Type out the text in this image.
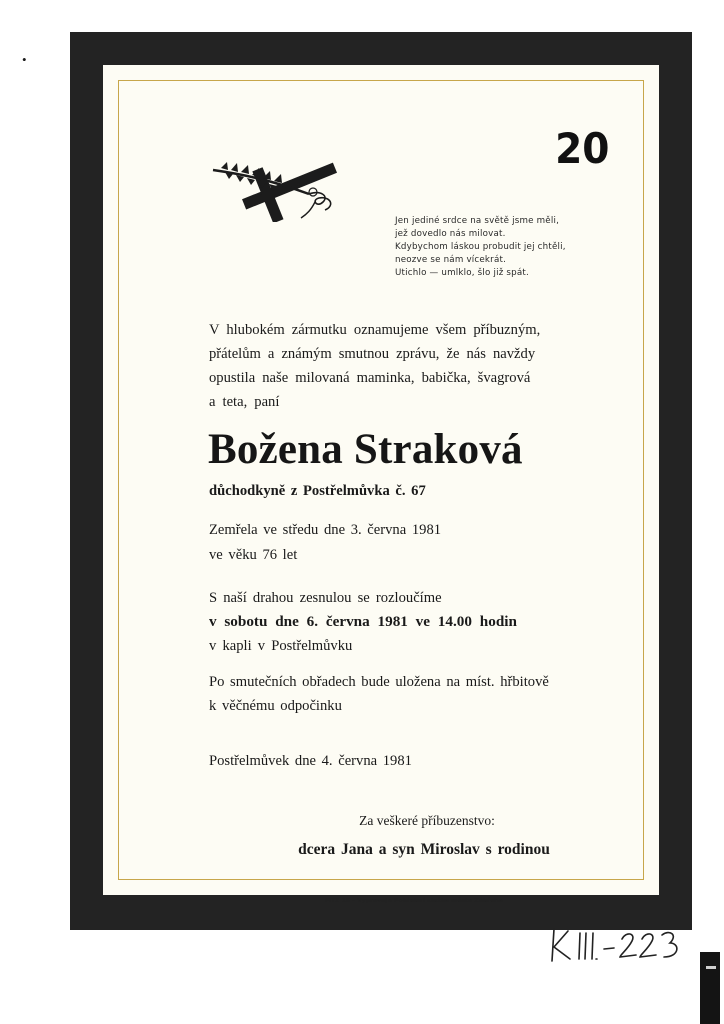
•
20
Jen jediné srdce na světě jsme měli,
jež dovedlo nás milovat.
Kdybychom láskou probudit jej chtěli,
neozve se nám vícekrát.
Utichlo — umlklo, šlo již spát.
V hlubokém zármutku oznamujeme všem příbuzným,
přátelům a známým smutnou zprávu, že nás navždy
opustila naše milovaná maminka, babička, švagrová
a teta, paní
Božena Straková
důchodkyně z Postřelmůvka č. 67
Zemřela ve středu dne 3. června 1981
ve věku 76 let
S naší drahou zesnulou se rozloučíme
v sobotu dne 6. června 1981 ve 14.00 hodin
v kapli v Postřelmůvku
Po smutečních obřadech bude uložena na míst. hřbitově
k věčnému odpočinku
Postřelmůvek dne 4. června 1981
Za veškeré příbuzenstvo:
dcera Jana a syn Miroslav s rodinou
MTZ 15 - Vypravuje Pohřební služba města Zábřeha
